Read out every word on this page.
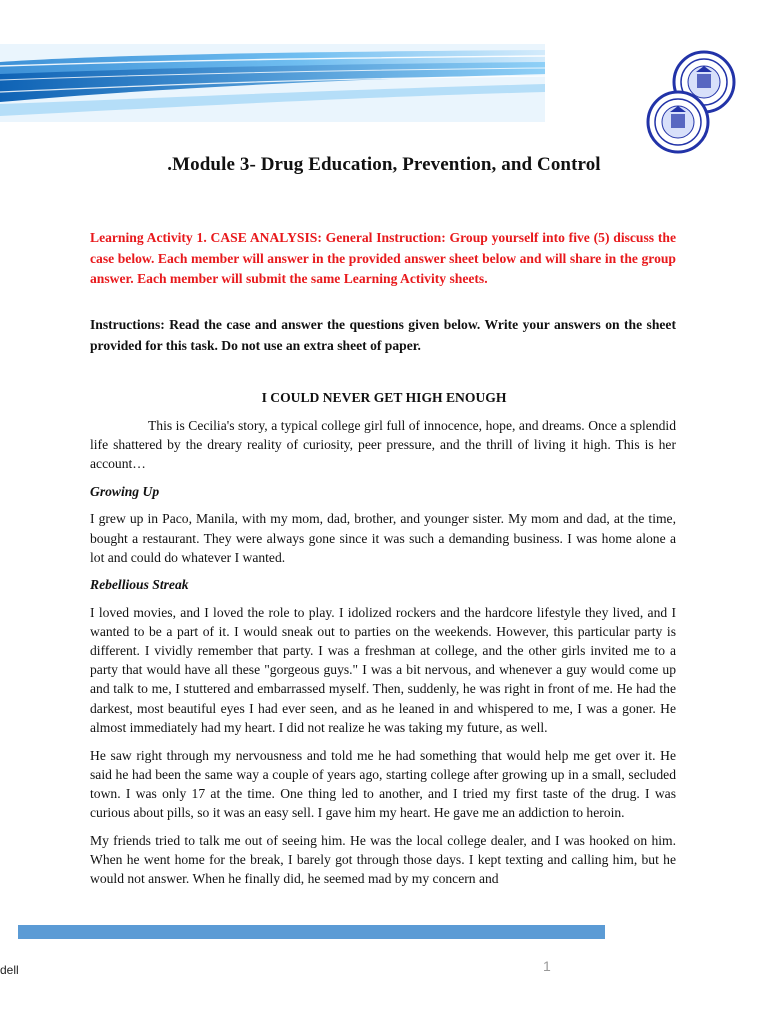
.Module 3- Drug Education, Prevention, and Control
Learning Activity 1. CASE ANALYSIS: General Instruction: Group yourself into five (5) discuss the case below. Each member will answer in the provided answer sheet below and will share in the group answer. Each member will submit the same Learning Activity sheets.
Instructions: Read the case and answer the questions given below. Write your answers on the sheet provided for this task. Do not use an extra sheet of paper.
I COULD NEVER GET HIGH ENOUGH

This is Cecilia's story, a typical college girl full of innocence, hope, and dreams. Once a splendid life shattered by the dreary reality of curiosity, peer pressure, and the thrill of living it high. This is her account…

Growing Up

I grew up in Paco, Manila, with my mom, dad, brother, and younger sister. My mom and dad, at the time, bought a restaurant. They were always gone since it was such a demanding business. I was home alone a lot and could do whatever I wanted.

Rebellious Streak

I loved movies, and I loved the role to play. I idolized rockers and the hardcore lifestyle they lived, and I wanted to be a part of it. I would sneak out to parties on the weekends. However, this particular party is different. I vividly remember that party. I was a freshman at college, and the other girls invited me to a party that would have all these "gorgeous guys." I was a bit nervous, and whenever a guy would come up and talk to me, I stuttered and embarrassed myself. Then, suddenly, he was right in front of me. He had the darkest, most beautiful eyes I had ever seen, and as he leaned in and whispered to me, I was a goner. He almost immediately had my heart. I did not realize he was taking my future, as well.

He saw right through my nervousness and told me he had something that would help me get over it. He said he had been the same way a couple of years ago, starting college after growing up in a small, secluded town. I was only 17 at the time. One thing led to another, and I tried my first taste of the drug. I was curious about pills, so it was an easy sell. I gave him my heart. He gave me an addiction to heroin.

My friends tried to talk me out of seeing him. He was the local college dealer, and I was hooked on him. When he went home for the break, I barely got through those days. I kept texting and calling him, but he would not answer. When he finally did, he seemed mad by my concern and

dell	1
